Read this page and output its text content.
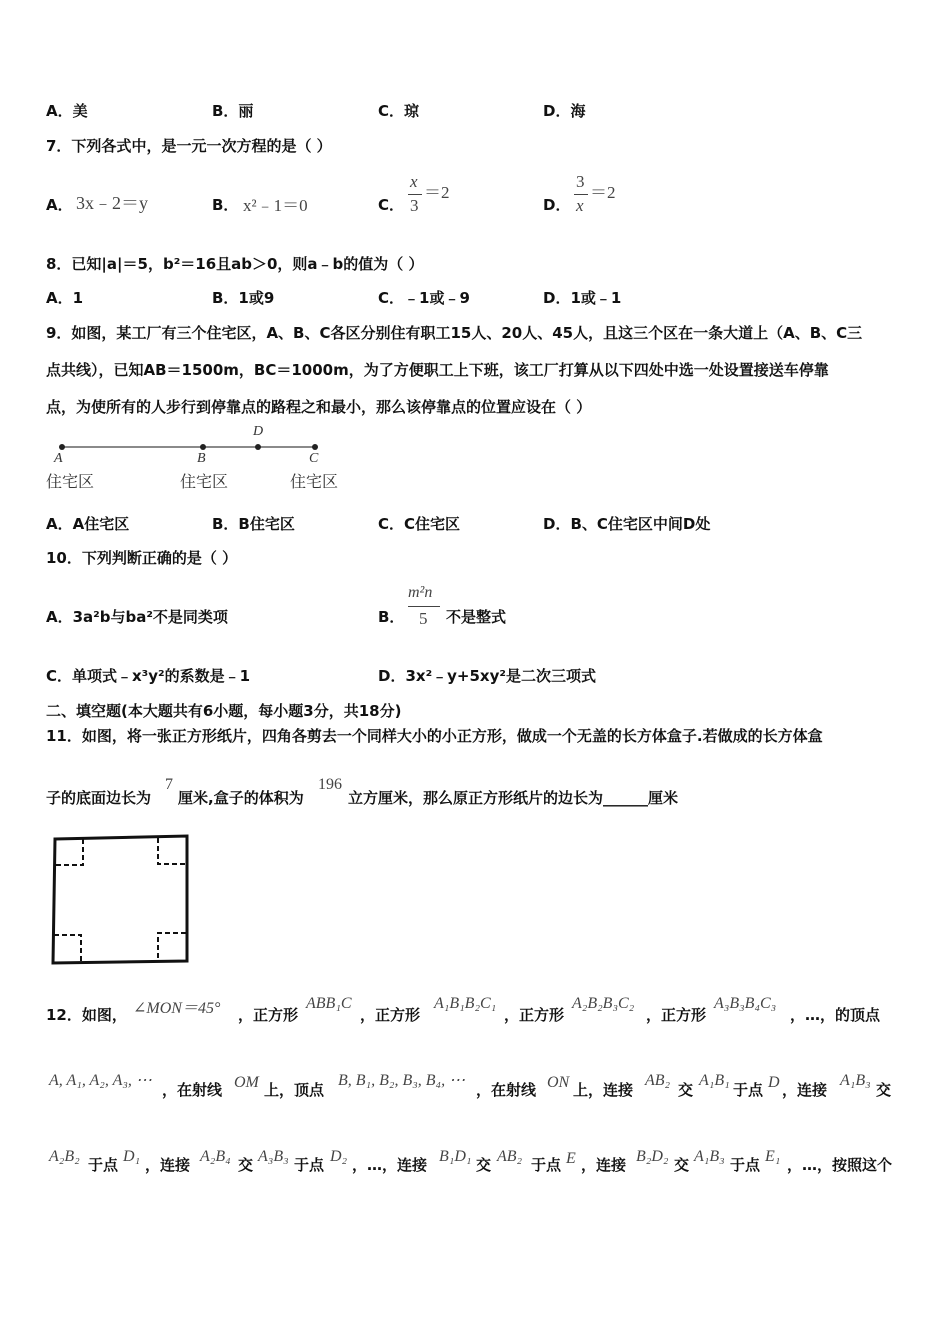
A．美	B．丽	C．琼	D．海
7．下列各式中，是一元一次方程的是（ ）
A． 3x﹣2＝y	B． x²﹣1＝0	C．
x
3
＝2
D．
3
x
＝2
8．已知|a|＝5，b²＝16且ab＞0，则a﹣b的值为（ ）
A．1	B．1或9	C．﹣1或﹣9	D．1或﹣1
9．如图，某工厂有三个住宅区，A、B、C各区分别住有职工15人、20人、45人，且这三个区在一条大道上（A、B、C三
点共线），已知AB＝1500m，BC＝1000m，为了方便职工上下班，该工厂打算从以下四处中选一处设置接送车停靠
点，为使所有的人步行到停靠点的路程之和最小，那么该停靠点的位置应设在（ ）
A	B
D
C
住宅区	住宅区	住宅区
A．A住宅区	B．B住宅区	C．C住宅区	D．B、C住宅区中间D处
10．下列判断正确的是（ ）
A．3a²b与ba²不是同类项	B．
m²n
5 不是整式
C．单项式﹣x³y²的系数是﹣1	D．3x²﹣y+5xy²是二次三项式
二、填空题(本大题共有6小题，每小题3分，共18分)
11．如图，将一张正方形纸片，四角各剪去一个同样大小的小正方形，做成一个无盖的长方体盒子.若做成的长方体盒
子的底面边长为
7
厘米,盒子的体积为
196
立方厘米，那么原正方形纸片的边长为______厘米
12．如图， ∠MON＝45° ，正方形
ABB₁C
，正方形
A₁B₁B₂C₁
，正方形
A₂B₂B₃C₂
，正方形
A₃B₃B₄C₃
，…，的顶点
A, A₁, A₂, A₃, ⋯
，在射线 OM 上，顶点
B, B₁, B₂, B₃, B₄, ⋯
，在射线 ON 上，连接
AB₂
交
A₁B₁
于点 D ，连接
A₁B₃
交
A₂B₂ 于点 D₁ ，连接 A₂B₄ 交 A₃B₃ 于点 D₂ ，…，连接 B₁D₁ 交 AB₂ 于点 E ，连接 B₂D₂ 交 A₁B₃ 于点 E₁ ，…，按照这个
